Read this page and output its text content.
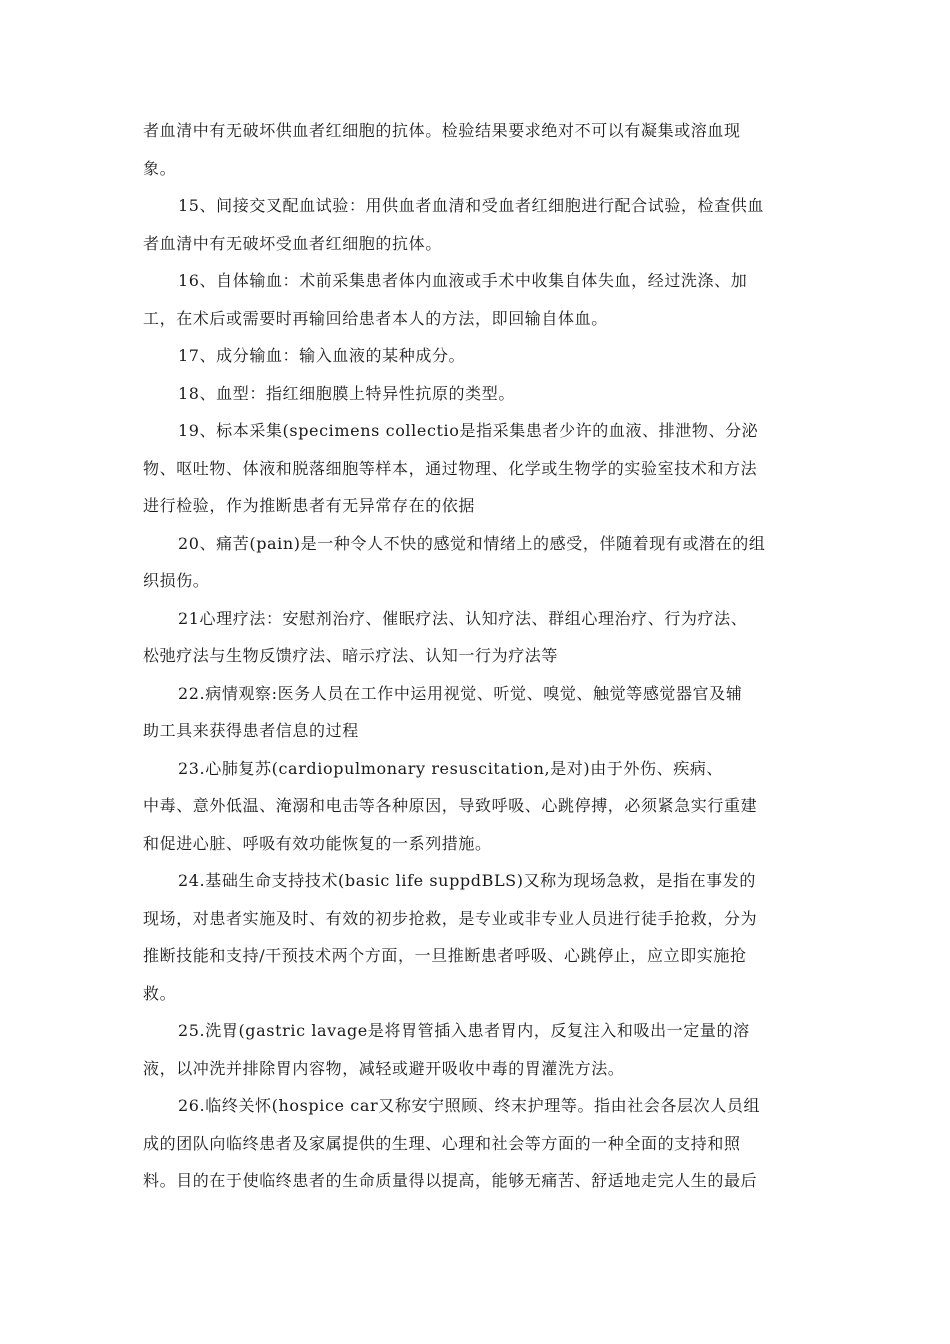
者血清中有无破坏供血者红细胞的抗体。检验结果要求绝对不可以有凝集或溶血现
象。

15、间接交叉配血试验：用供血者血清和受血者红细胞进行配合试验，检查供血
者血清中有无破坏受血者红细胞的抗体。

16、自体输血：术前采集患者体内血液或手术中收集自体失血，经过洗涤、加
工，在术后或需要时再输回给患者本人的方法，即回输自体血。

17、成分输血：输入血液的某种成分。

18、血型：指红细胞膜上特异性抗原的类型。

19、标本采集(specimens collectio是指采集患者少许的血液、排泄物、分泌
物、呕吐物、体液和脱落细胞等样本，通过物理、化学或生物学的实验室技术和方法
进行检验，作为推断患者有无异常存在的依据

20、痛苦(pain)是一种令人不快的感觉和情绪上的感受，伴随着现有或潜在的组
织损伤。

21心理疗法：安慰剂治疗、催眠疗法、认知疗法、群组心理治疗、行为疗法、
松弛疗法与生物反馈疗法、暗示疗法、认知一行为疗法等

22.病情观察:医务人员在工作中运用视觉、听觉、嗅觉、触觉等感觉器官及辅
助工具来获得患者信息的过程

23.心肺复苏(cardiopulmonary resuscitation,是对)由于外伤、疾病、
中毒、意外低温、淹溺和电击等各种原因，导致呼吸、心跳停搏，必须紧急实行重建
和促进心脏、呼吸有效功能恢复的一系列措施。

24.基础生命支持技术(basic life suppdBLS)又称为现场急救，是指在事发的
现场，对患者实施及时、有效的初步抢救，是专业或非专业人员进行徒手抢救，分为
推断技能和支持/干预技术两个方面，一旦推断患者呼吸、心跳停止，应立即实施抢
救。

25.洗胃(gastric lavage是将胃管插入患者胃内，反复注入和吸出一定量的溶
液，以冲洗并排除胃内容物，减轻或避开吸收中毒的胃灌洗方法。

26.临终关怀(hospice car又称安宁照顾、终末护理等。指由社会各层次人员组
成的团队向临终患者及家属提供的生理、心理和社会等方面的一种全面的支持和照
料。目的在于使临终患者的生命质量得以提高，能够无痛苦、舒适地走完人生的最后
